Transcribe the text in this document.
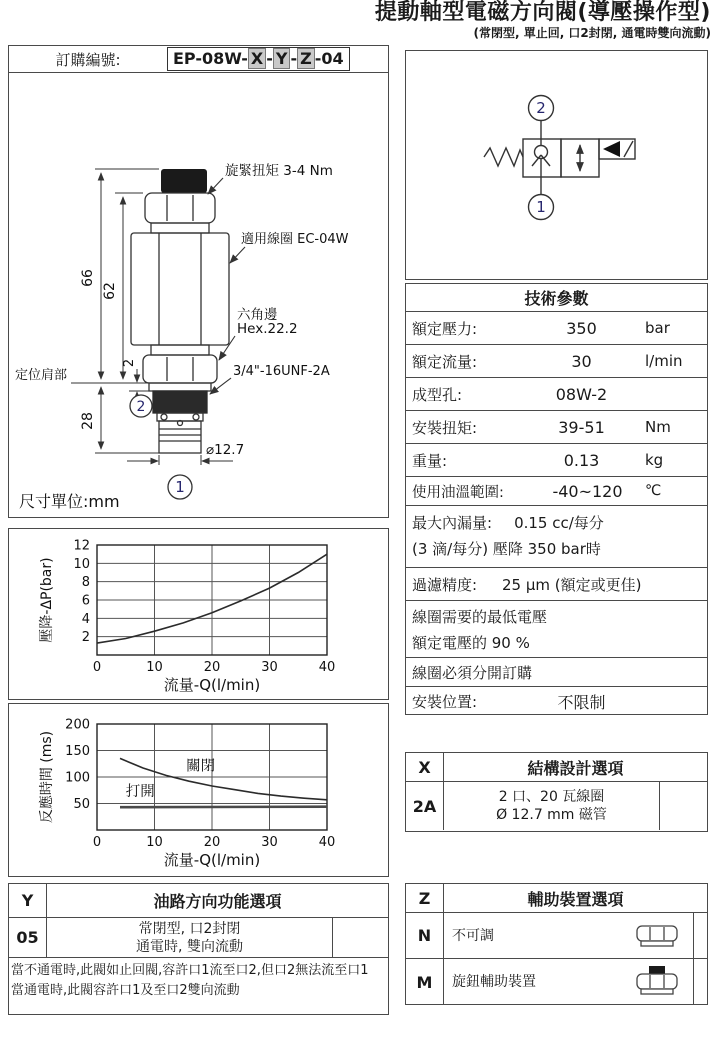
提動軸型電磁方向閥(導壓操作型)
(常閉型, 單止回, 口2封閉, 通電時雙向流動)
訂購編號:	EP-08W- X - Y - Z -04
66
62
28
2
⌀12.7
旋緊扭矩 3-4 Nm
適用線圈 EC-04W
六角邊
Hex.22.2
3/4"-16UNF-2A
定位肩部
尺寸單位:mm
2
1
2
4
6
8
10
12
0	10	20	30	40
流量-Q(l/min)
壓降-ΔP(bar)
50
100
150
200
0	10	20	30	40
關閉
打開
流量-Q(l/min)
反應時間 (ms)
2
1
技術參數
額定壓力:	350	bar
額定流量:	30	l/min
成型孔:	08W-2
安裝扭矩:	39-51	Nm
重量:	0.13	kg
使用油溫範圍:	-40~120	℃
最大內漏量: 0.15 cc/每分
(3 滴/每分) 壓降 350 bar時
過濾精度:	25 µm (額定或更佳)
線圈需要的最低電壓
額定電壓的 90 %
線圈必須分開訂購
安裝位置:	不限制
X	結構設計選項
2A	2 口、20 瓦線圈
Ø 12.7 mm 磁管
Y	油路方向功能選項
05	常閉型, 口2封閉
通電時, 雙向流動
當不通電時,此閥如止回閥,容許口1流至口2,但口2無法流至口1
當通電時,此閥容許口1及至口2雙向流動
Z	輔助裝置選項
N	不可調
M	旋鈕輔助裝置
